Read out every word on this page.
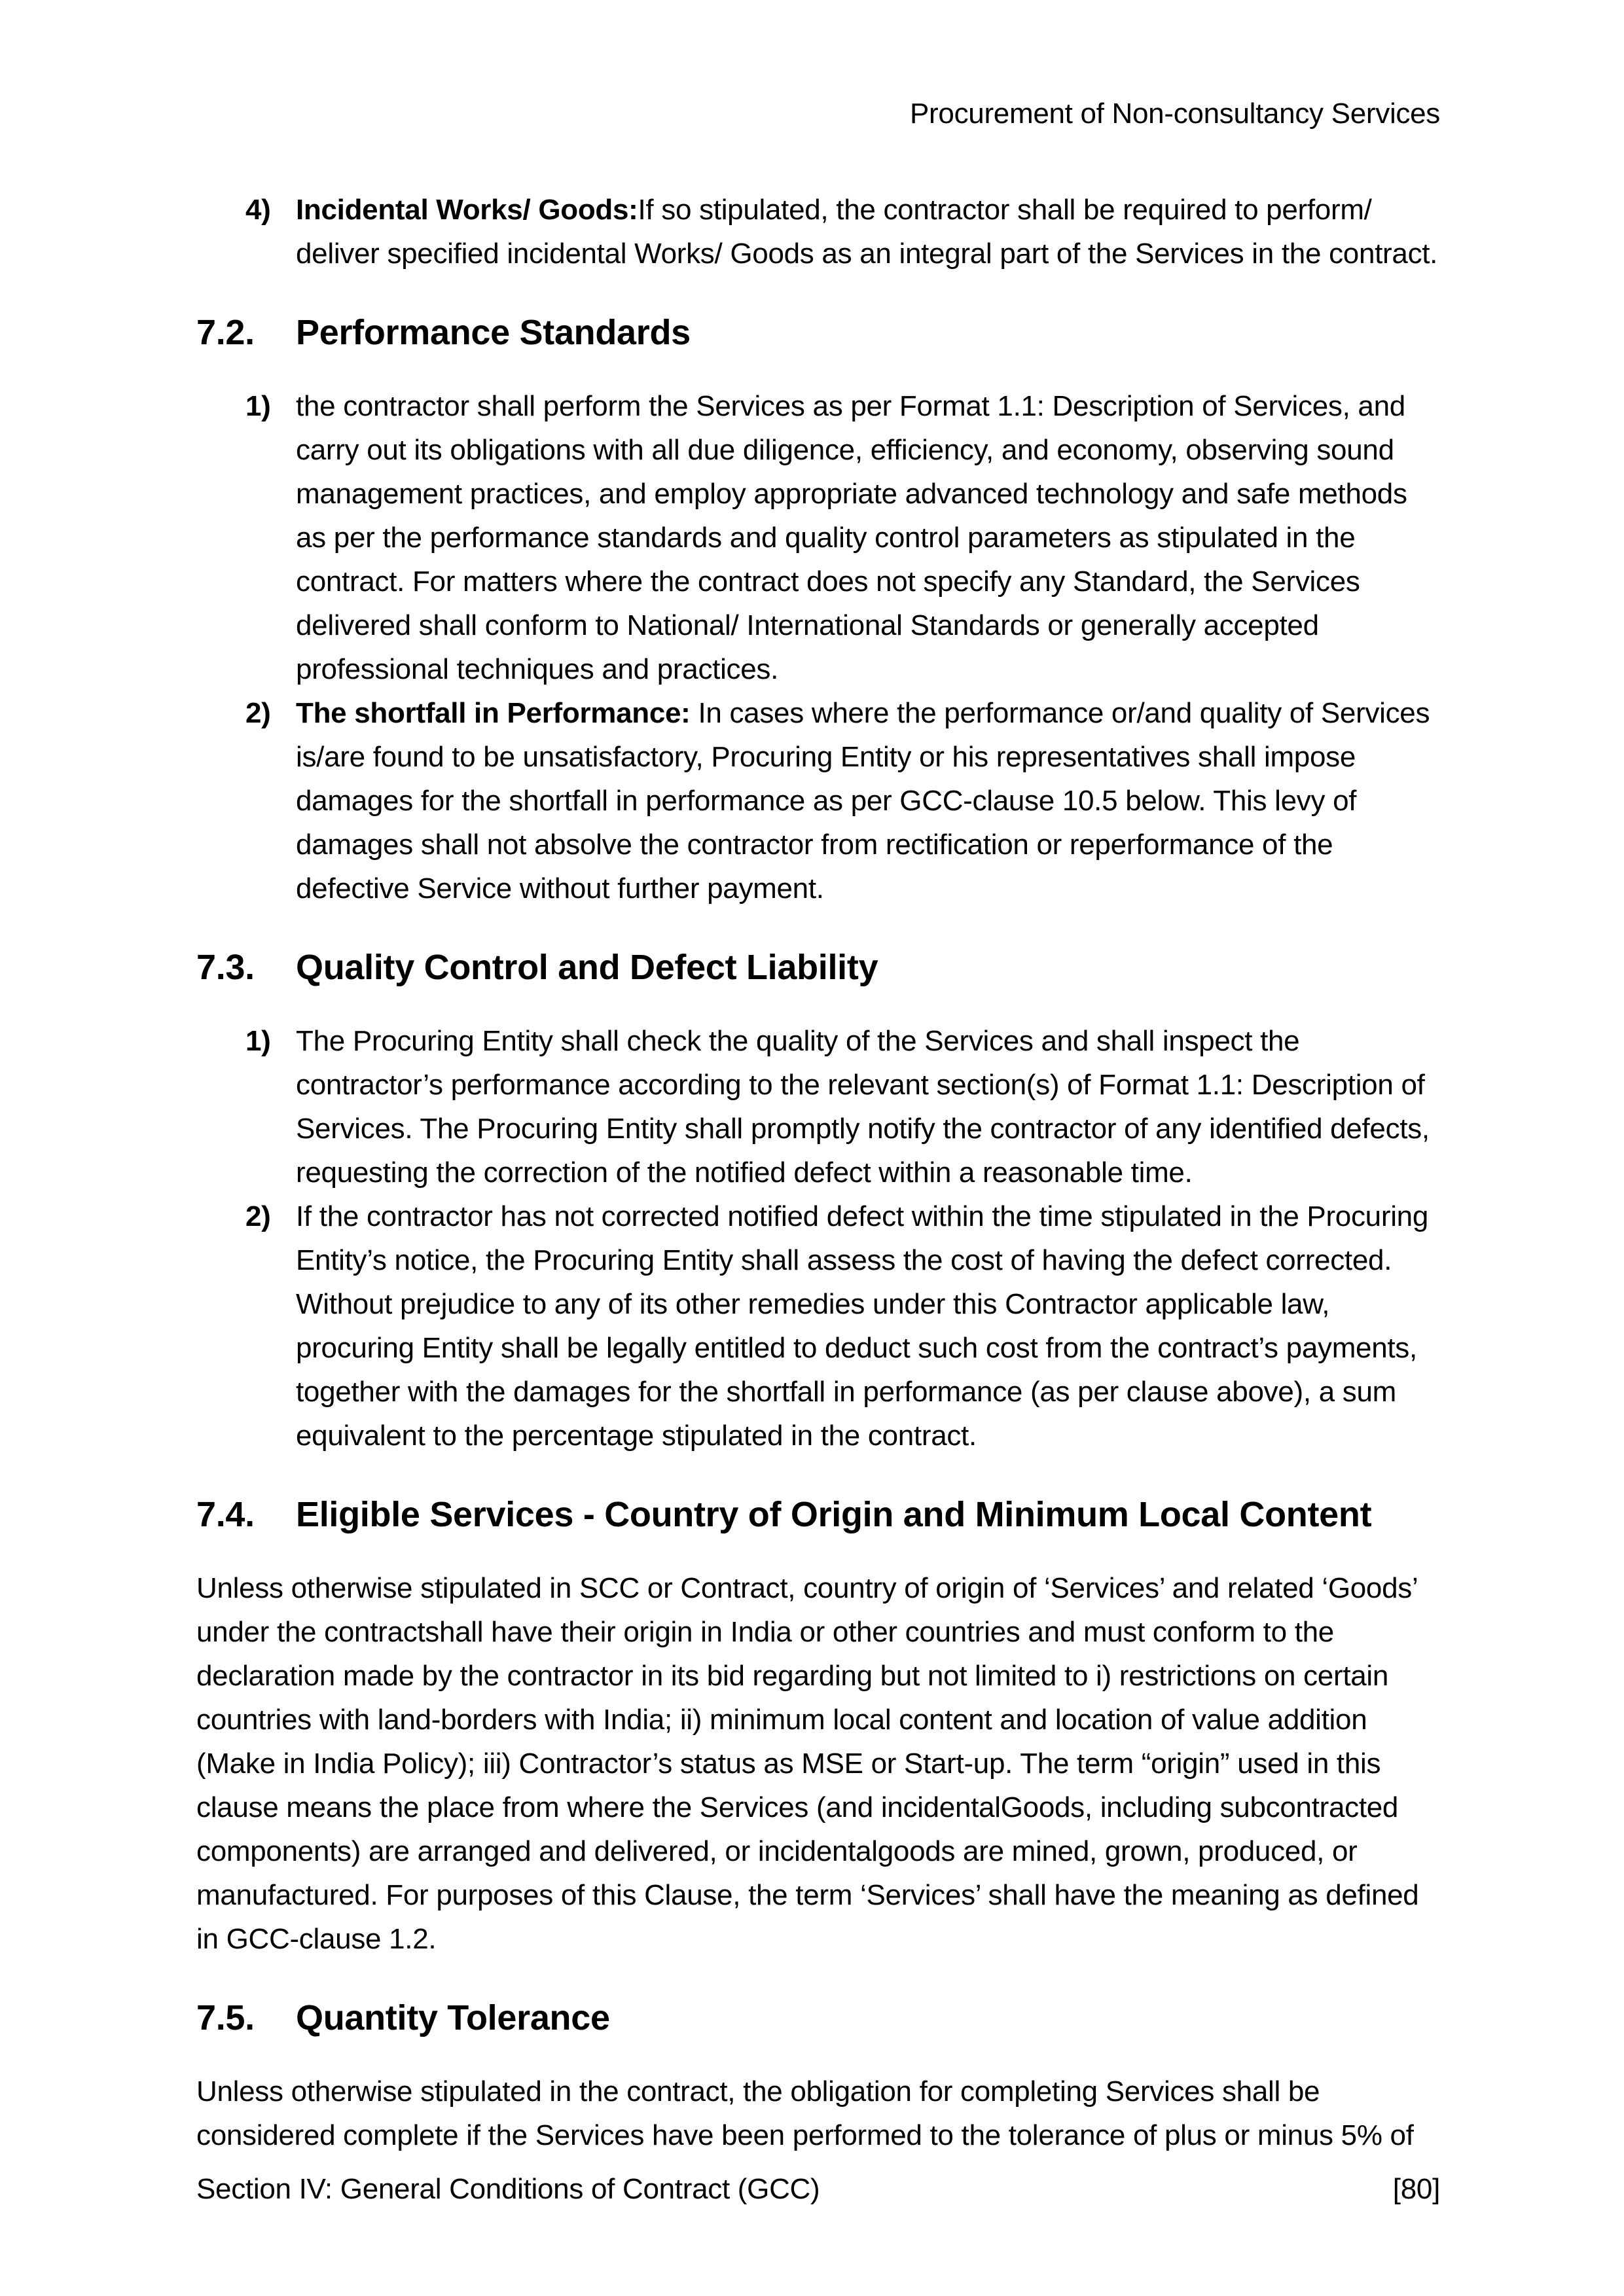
Procurement of Non-consultancy Services
4) Incidental Works/ Goods:If so stipulated, the contractor shall be required to perform/ deliver specified incidental Works/ Goods as an integral part of the Services in the contract.

7.2.	Performance Standards
1) the contractor shall perform the Services as per Format 1.1: Description of Services, and carry out its obligations with all due diligence, efficiency, and economy, observing sound management practices, and employ appropriate advanced technology and safe methods as per the performance standards and quality control parameters as stipulated in the contract. For matters where the contract does not specify any Standard, the Services delivered shall conform to National/ International Standards or generally accepted professional techniques and practices.

2) The shortfall in Performance: In cases where the performance or/and quality of Services is/are found to be unsatisfactory, Procuring Entity or his representatives shall impose damages for the shortfall in performance as per GCC-clause 10.5 below. This levy of damages shall not absolve the contractor from rectification or reperformance of the defective Service without further payment.

7.3.	Quality Control and Defect Liability
1) The Procuring Entity shall check the quality of the Services and shall inspect the contractor’s performance according to the relevant section(s) of Format 1.1: Description of Services. The Procuring Entity shall promptly notify the contractor of any identified defects, requesting the correction of the notified defect within a reasonable time.

2) If the contractor has not corrected notified defect within the time stipulated in the Procuring Entity’s notice, the Procuring Entity shall assess the cost of having the defect corrected. Without prejudice to any of its other remedies under this Contractor applicable law, procuring Entity shall be legally entitled to deduct such cost from the contract’s payments, together with the damages for the shortfall in performance (as per clause above), a sum equivalent to the percentage stipulated in the contract.

7.4.	Eligible Services - Country of Origin and Minimum Local Content

Unless otherwise stipulated in SCC or Contract, country of origin of ‘Services’ and related ‘Goods’ under the contractshall have their origin in India or other countries and must conform to the declaration made by the contractor in its bid regarding but not limited to i) restrictions on certain countries with land-borders with India; ii) minimum local content and location of value addition (Make in India Policy); iii) Contractor’s status as MSE or Start-up. The term “origin” used in this clause means the place from where the Services (and incidentalGoods, including subcontracted components) are arranged and delivered, or incidentalgoods are mined, grown, produced, or manufactured. For purposes of this Clause, the term ‘Services’ shall have the meaning as defined in GCC-clause 1.2.

7.5.	Quantity Tolerance

Unless otherwise stipulated in the contract, the obligation for completing Services shall be considered complete if the Services have been performed to the tolerance of plus or minus 5% of

Section IV: General Conditions of Contract (GCC)	[80]
